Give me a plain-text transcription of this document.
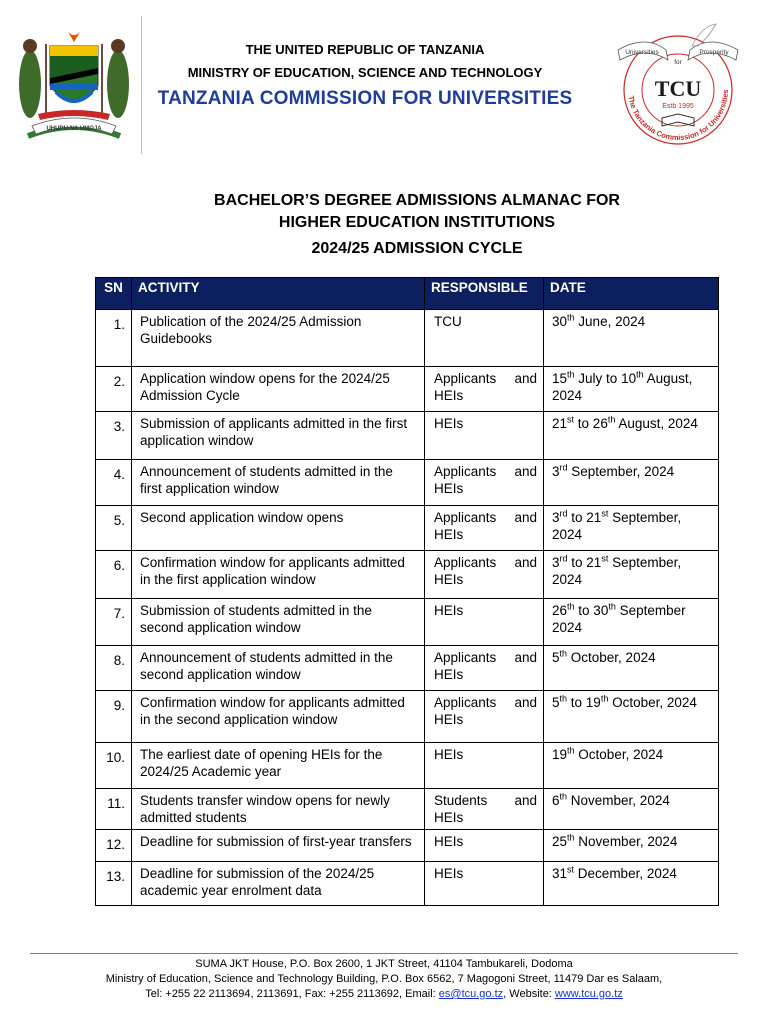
UHURU NA UMOJA
THE UNITED REPUBLIC OF TANZANIA
MINISTRY OF EDUCATION, SCIENCE AND TECHNOLOGY
TANZANIA COMMISSION FOR UNIVERSITIES	The Tanzania Commission for Universities
Universities
for
Prosperity
TCU
Estb 1995
BACHELOR’S DEGREE ADMISSIONS ALMANAC FOR
HIGHER EDUCATION INSTITUTIONS
2024/25 ADMISSION CYCLE
SN	ACTIVITY	RESPONSIBLE	DATE
1.	Publication of the 2024/25 Admission Guidebooks	TCU	30th June, 2024
2.	Application window opens for the 2024/25 Admission Cycle	Applicants and HEIs	15th July to 10th August, 2024
3.	Submission of applicants admitted in the first application window	HEIs	21st to 26th August, 2024
4.	Announcement of students admitted in the first application window	Applicants and HEIs	3rd September, 2024
5.	Second application window opens	Applicants and HEIs	3rd to 21st September, 2024
6.	Confirmation window for applicants admitted in the first application window	Applicants and HEIs	3rd to 21st September, 2024
7.	Submission of students admitted in the second application window	HEIs	26th to 30th September 2024
8.	Announcement of students admitted in the second application window	Applicants and HEIs	5th October, 2024
9.	Confirmation window for applicants admitted in the second application window	Applicants and HEIs	5th to 19th October, 2024
10.	The earliest date of opening HEIs for the 2024/25 Academic year	HEIs	19th October, 2024
11.	Students transfer window opens for newly admitted students	Students and HEIs	6th November, 2024
12.	Deadline for submission of first-year transfers	HEIs	25th November, 2024
13.	Deadline for submission of the 2024/25 academic year enrolment data	HEIs	31st December, 2024
SUMA JKT House, P.O. Box 2600, 1 JKT Street, 41104 Tambukareli, Dodoma
Ministry of Education, Science and Technology Building, P.O. Box 6562, 7 Magogoni Street, 11479 Dar es Salaam,
Tel: +255 22 2113694, 2113691, Fax: +255 2113692, Email: es@tcu.go.tz, Website: www.tcu.go.tz
